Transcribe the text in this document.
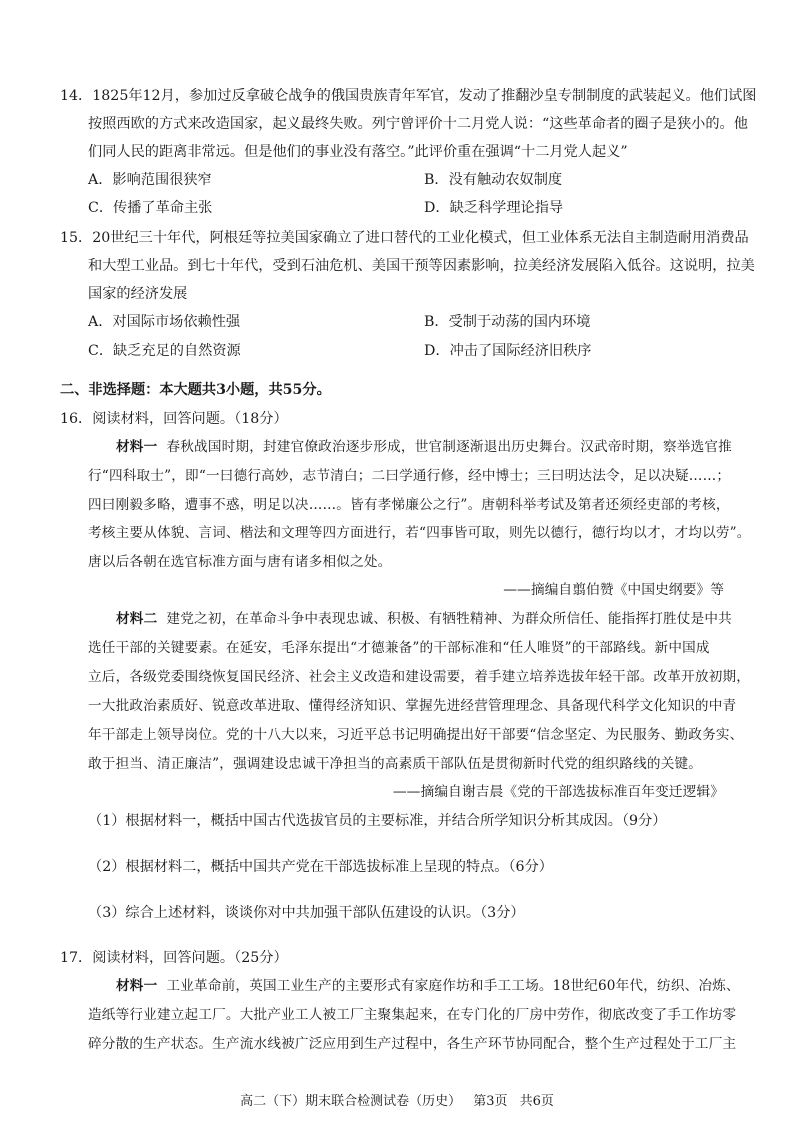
14．1825年12月，参加过反拿破仑战争的俄国贵族青年军官，发动了推翻沙皇专制制度的武装起义。他们试图
按照西欧的方式来改造国家，起义最终失败。列宁曾评价十二月党人说：“这些革命者的圈子是狭小的。他
们同人民的距离非常远。但是他们的事业没有落空。”此评价重在强调“十二月党人起义”
A．影响范围很狭窄	B．没有触动农奴制度
C．传播了革命主张	D．缺乏科学理论指导
15．20世纪三十年代，阿根廷等拉美国家确立了进口替代的工业化模式，但工业体系无法自主制造耐用消费品
和大型工业品。到七十年代，受到石油危机、美国干预等因素影响，拉美经济发展陷入低谷。这说明，拉美
国家的经济发展
A．对国际市场依赖性强	B．受制于动荡的国内环境
C．缺乏充足的自然资源	D．冲击了国际经济旧秩序
二、非选择题：本大题共3小题，共55分。
16．阅读材料，回答问题。（18分）
材料一 春秋战国时期，封建官僚政治逐步形成，世官制逐渐退出历史舞台。汉武帝时期，察举选官推
行“四科取士”，即“一曰德行高妙，志节清白；二曰学通行修，经中博士；三曰明达法令，足以决疑……；
四曰刚毅多略，遭事不惑，明足以决……。皆有孝悌廉公之行”。唐朝科举考试及第者还须经吏部的考核，
考核主要从体貌、言词、楷法和文理等四方面进行，若“四事皆可取，则先以德行，德行均以才，才均以劳”。
唐以后各朝在选官标准方面与唐有诸多相似之处。
——摘编自翦伯赞《中国史纲要》等
材料二 建党之初，在革命斗争中表现忠诚、积极、有牺牲精神、为群众所信任、能指挥打胜仗是中共
选任干部的关键要素。在延安，毛泽东提出“才德兼备”的干部标准和“任人唯贤”的干部路线。新中国成
立后，各级党委围绕恢复国民经济、社会主义改造和建设需要，着手建立培养选拔年轻干部。改革开放初期，
一大批政治素质好、锐意改革进取、懂得经济知识、掌握先进经营管理理念、具备现代科学文化知识的中青
年干部走上领导岗位。党的十八大以来，习近平总书记明确提出好干部要“信念坚定、为民服务、勤政务实、
敢于担当、清正廉洁”，强调建设忠诚干净担当的高素质干部队伍是贯彻新时代党的组织路线的关键。
——摘编自谢吉晨《党的干部选拔标准百年变迁逻辑》
（1）根据材料一，概括中国古代选拔官员的主要标准，并结合所学知识分析其成因。（9分）
（2）根据材料二，概括中国共产党在干部选拔标准上呈现的特点。（6分）
（3）综合上述材料，谈谈你对中共加强干部队伍建设的认识。（3分）
17．阅读材料，回答问题。（25分）
材料一 工业革命前，英国工业生产的主要形式有家庭作坊和手工工场。18世纪60年代，纺织、冶炼、
造纸等行业建立起工厂。大批产业工人被工厂主聚集起来，在专门化的厂房中劳作，彻底改变了手工作坊零
碎分散的生产状态。生产流水线被广泛应用到生产过程中，各生产环节协同配合，整个生产过程处于工厂主
高二（下）期末联合检测试卷（历史） 第3页 共6页
